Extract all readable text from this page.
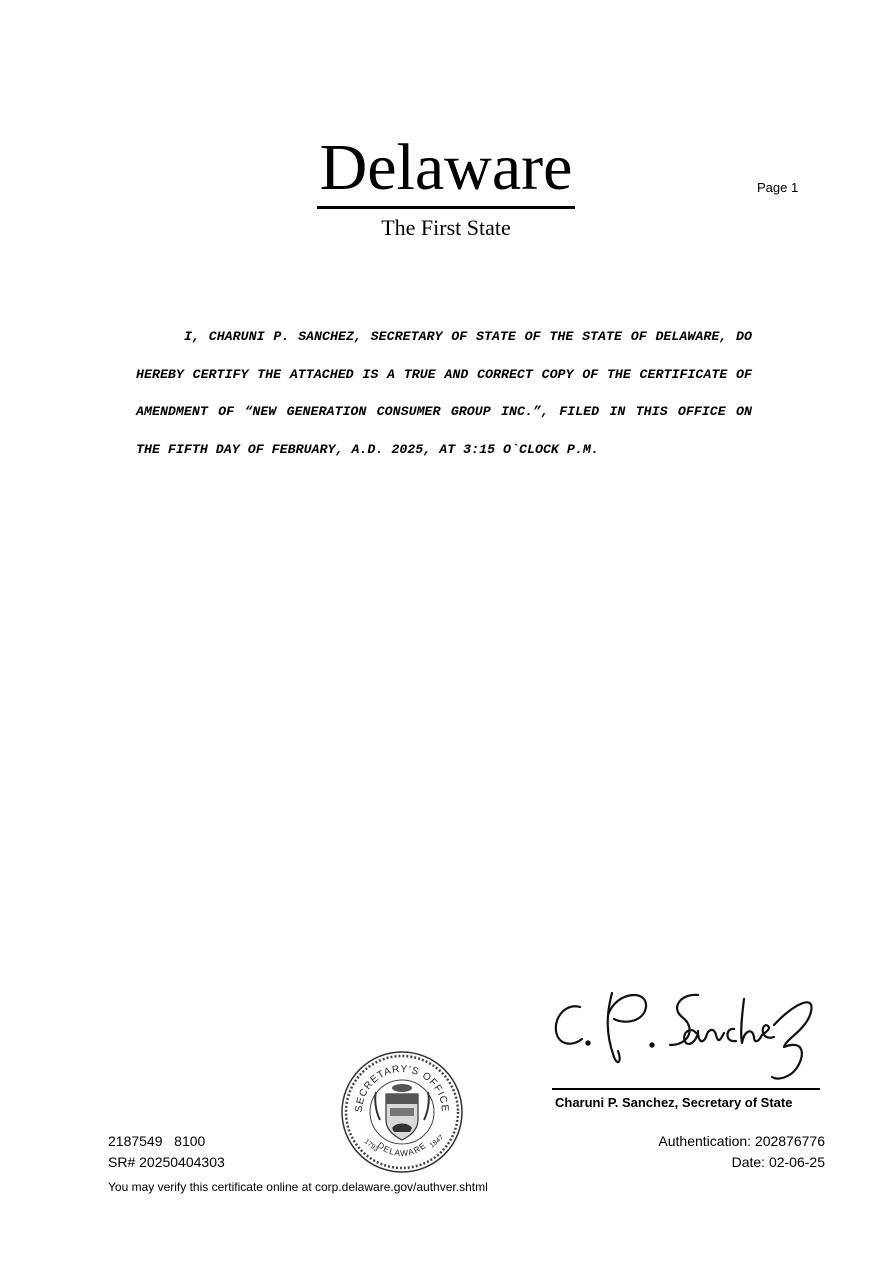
Delaware
The First State
Page 1
I, CHARUNI P. SANCHEZ, SECRETARY OF STATE OF THE STATE OF DELAWARE, DO HEREBY CERTIFY THE ATTACHED IS A TRUE AND CORRECT COPY OF THE CERTIFICATE OF AMENDMENT OF “NEW GENERATION CONSUMER GROUP INC.”, FILED IN THIS OFFICE ON THE FIFTH DAY OF FEBRUARY, A.D. 2025, AT 3:15 O`CLOCK P.M.
Charuni P. Sanchez, Secretary of State
SECRETARY'S OFFICE
DELAWARE
1793	1847
2187549   8100
SR# 20250404303
You may verify this certificate online at corp.delaware.gov/authver.shtml
Authentication: 202876776
Date: 02-06-25
